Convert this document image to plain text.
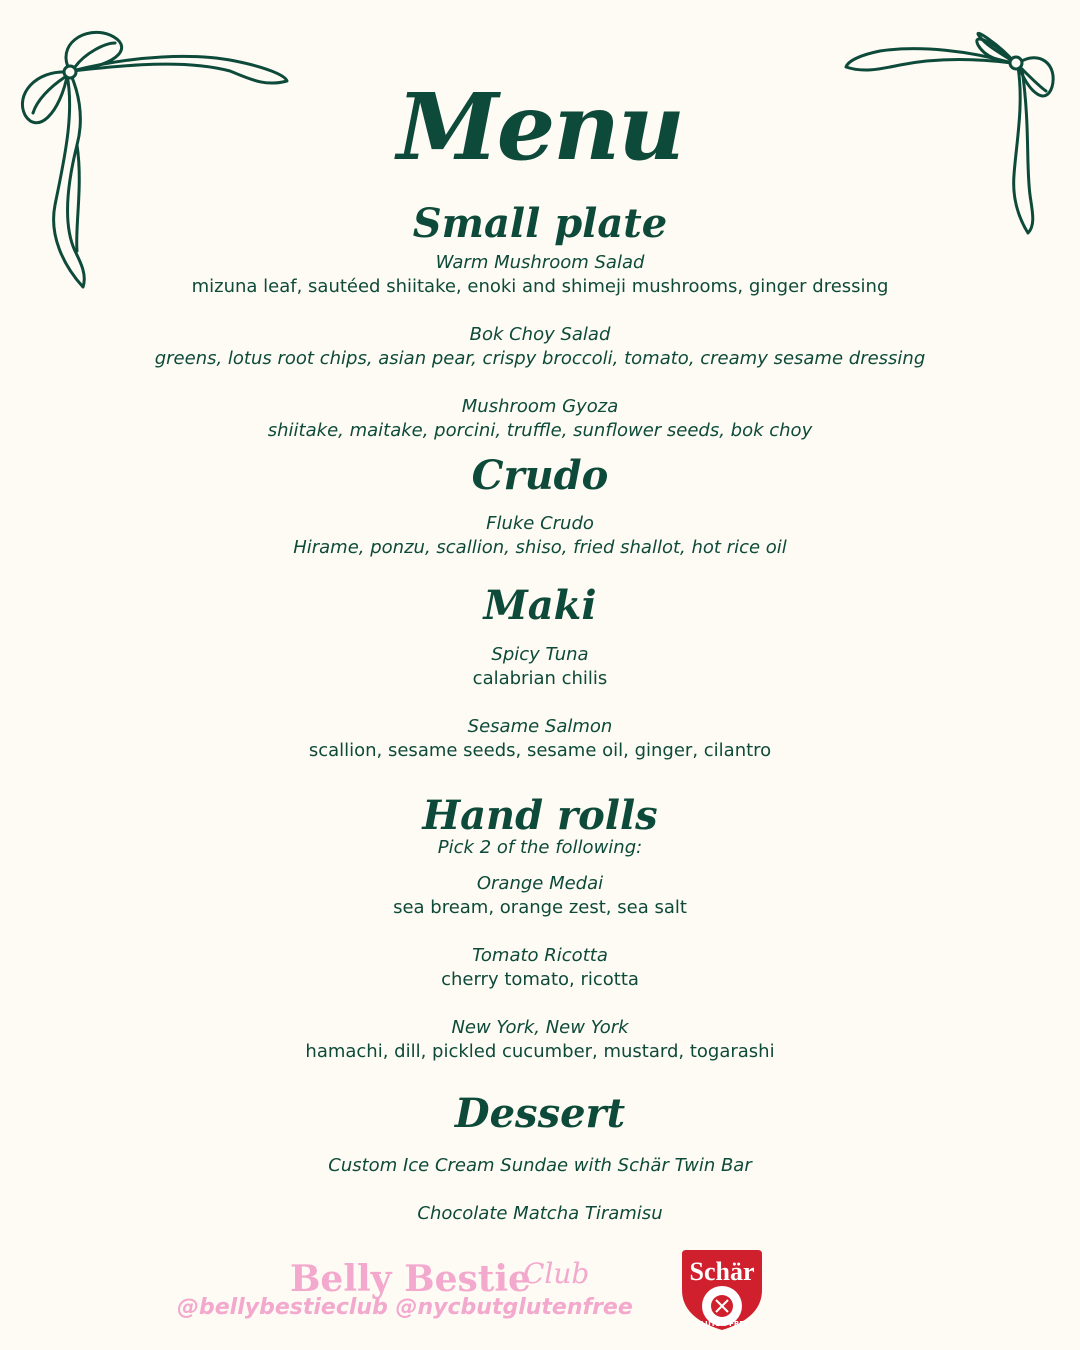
Menu
Small plate
Warm Mushroom Salad
mizuna leaf, sautéed shiitake, enoki and shimeji mushrooms, ginger dressing
Bok Choy Salad
greens, lotus root chips, asian pear, crispy broccoli, tomato, creamy sesame dressing
Mushroom Gyoza
shiitake, maitake, porcini, truffle, sunflower seeds, bok choy
Crudo
Fluke Crudo
Hirame, ponzu, scallion, shiso, fried shallot, hot rice oil
Maki
Spicy Tuna
calabrian chilis
Sesame Salmon
scallion, sesame seeds, sesame oil, ginger, cilantro
Hand rolls
Pick 2 of the following:
Orange Medai
sea bream, orange zest, sea salt
Tomato Ricotta
cherry tomato, ricotta
New York, New York
hamachi, dill, pickled cucumber, mustard, togarashi
Dessert
Custom Ice Cream Sundae with Schär Twin Bar
Chocolate Matcha Tiramisu
Belly Bestie
Club
@bellybestieclub @nycbutglutenfree
Schär
GLUTEN-FREE
